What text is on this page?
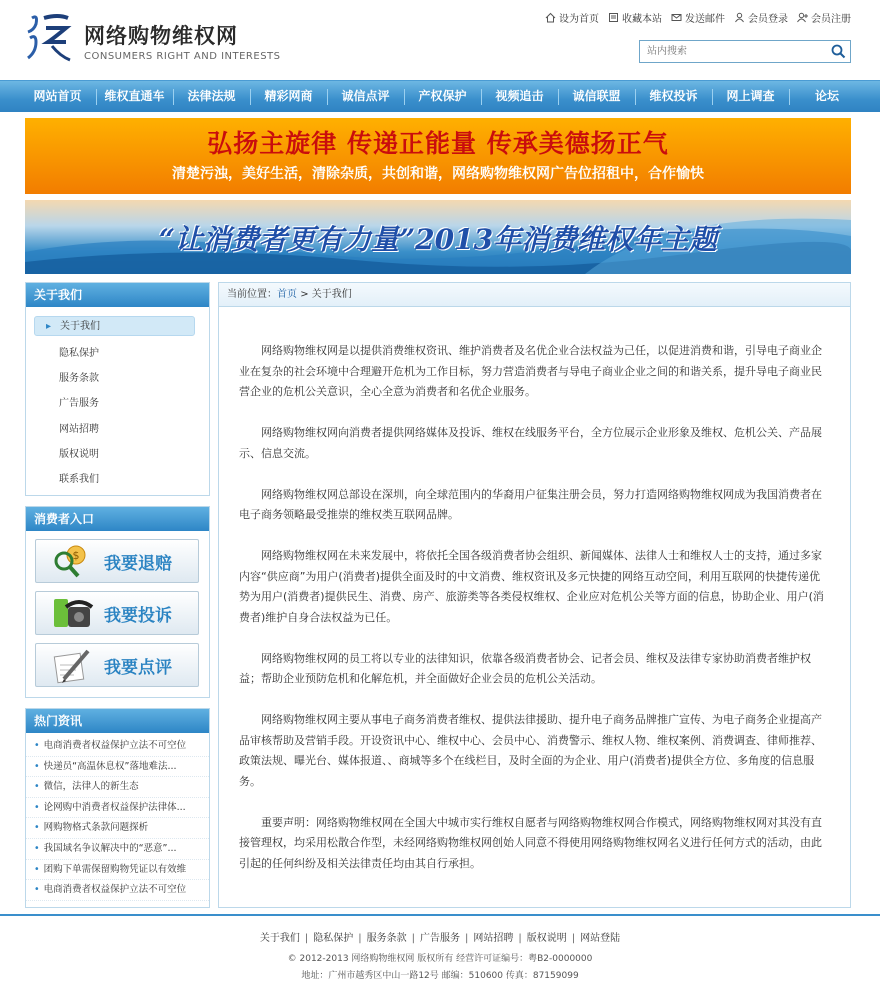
网络购物维权网
CONSUMERS RIGHT AND INTERESTS
设为首页 收藏本站 发送邮件 会员登录 会员注册
站内搜索
网站首页	维权直通车	法律法规	精彩网商	诚信点评	产权保护	视频追击	诚信联盟	维权投诉	网上调查	论坛
弘扬主旋律 传递正能量 传承美德扬正气
清楚污浊，美好生活，清除杂质，共创和谐，网络购物维权网广告位招租中，合作愉快
“让消费者更有力量”2013年消费维权年主题
关于我们
▸ 关于我们
隐私保护
服务条款
广告服务
网站招聘
版权说明
联系我们
消费者入口
$ 我要退赔
我要投诉
我要点评
热门资讯
• 电商消费者权益保护立法不可空位
• 快递员“高温休息权”落地难法...
• 微信，法律人的新生态
• 论网购中消费者权益保护法律体...
• 网购物格式条款问题探析
• 我国域名争议解决中的“恶意”...
• 团购下单需保留购物凭证以有效维
• 电商消费者权益保护立法不可空位
当前位置：首页 > 关于我们

网络购物维权网是以提供消费维权资讯、维护消费者及名优企业合法权益为己任，以促进消费和谐，引导电子商业企业在复杂的社会环境中合理避开危机为工作目标，努力营造消费者与导电子商业企业之间的和谐关系，提升导电子商业民营企业的危机公关意识，全心全意为消费者和名优企业服务。

网络购物维权网向消费者提供网络媒体及投诉、维权在线服务平台，全方位展示企业形象及维权、危机公关、产品展示、信息交流。

网络购物维权网总部设在深圳，向全球范围内的华裔用户征集注册会员，努力打造网络购物维权网成为我国消费者在电子商务领略最受推崇的维权类互联网品牌。

网络购物维权网在未来发展中，将依托全国各级消费者协会组织、新闻媒体、法律人士和维权人士的支持，通过多家内容“供应商”为用户(消费者)提供全面及时的中文消费、维权资讯及多元快捷的网络互动空间，利用互联网的快捷传递优势为用户(消费者)提供民生、消费、房产、旅游类等各类侵权维权、企业应对危机公关等方面的信息，协助企业、用户(消费者)维护自身合法权益为已任。

网络购物维权网的员工将以专业的法律知识，依靠各级消费者协会、记者会员、维权及法律专家协助消费者维护权益；帮助企业预防危机和化解危机，并全面做好企业会员的危机公关活动。

网络购物维权网主要从事电子商务消费者维权、提供法律援助、提升电子商务品牌推广宣传、为电子商务企业提高产品审核帮助及营销手段。开设资讯中心、维权中心、会员中心、消费警示、维权人物、维权案例、消费调查、律师推荐、政策法规、曝光台、媒体报道、、商城等多个在线栏目，及时全面的为企业、用户(消费者)提供全方位、多角度的信息服务。

重要声明：网络购物维权网在全国大中城市实行维权自愿者与网络购物维权网合作模式，网络购物维权网对其没有直接管理权，均采用松散合作型，未经网络购物维权网创始人同意不得使用网络购物维权网名义进行任何方式的活动，由此引起的任何纠纷及相关法律责任均由其自行承担。

关于我们 | 隐私保护 | 服务条款 | 广告服务 | 网站招聘 | 版权说明 | 网站登陆
© 2012-2013 网络购物维权网 版权所有 经营许可证编号：粤B2-0000000
地址：广州市越秀区中山一路12号 邮编：510600 传真：87159099
